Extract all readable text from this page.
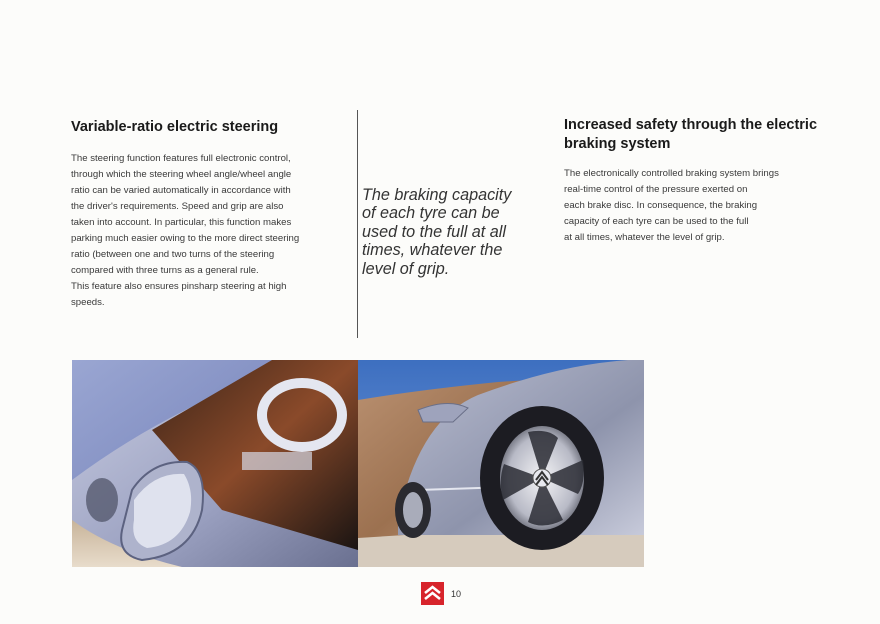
Variable-ratio electric steering

The steering function features full electronic control,

through which the steering wheel angle/wheel angle

ratio can be varied automatically in accordance with

the driver's requirements. Speed and grip are also

taken into account. In particular, this function makes

parking much easier owing to the more direct steering

ratio (between one and two turns of the steering

compared with three turns as a general rule.

This feature also ensures pinsharp steering at high

speeds.

The braking capacity

of each tyre can be

used to the full at all

times, whatever the

level of grip.

Increased safety through the electric
braking system

The electronically controlled braking system brings

real-time control of the pressure exerted on

each brake disc. In consequence, the braking

capacity of each tyre can be used to the full

at all times, whatever the level of grip.

10
